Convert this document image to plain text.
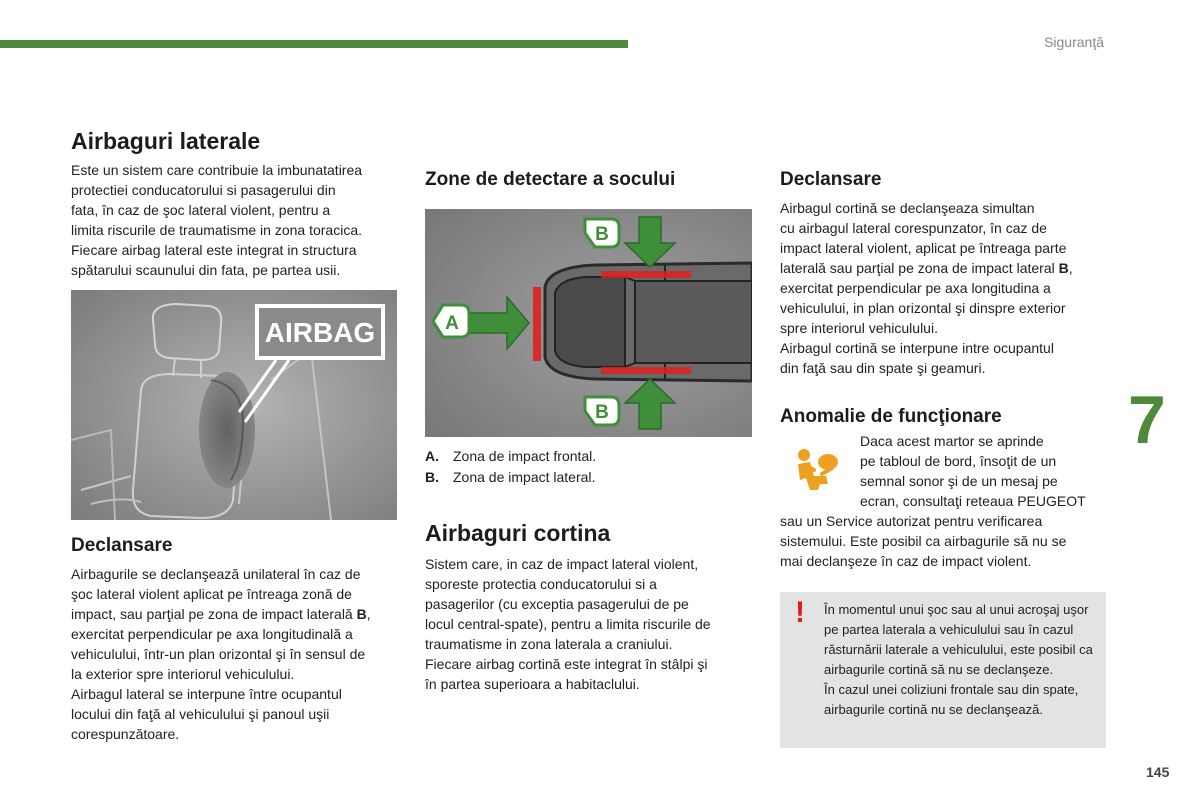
Siguranţă
7
145
Airbaguri laterale
Este un sistem care contribuie la imbunatatirea
protectiei conducatorului si pasagerului din
fata, în caz de şoc lateral violent, pentru a
limita riscurile de traumatisme in zona toracica.
Fiecare airbag lateral este integrat in structura
spătarului scaunului din fata, pe partea usii.
AIRBAG
Declansare
Airbagurile se declanşează unilateral în caz de
şoc lateral violent aplicat pe întreaga zonă de
impact, sau parţial pe zona de impact laterală B,
exercitat perpendicular pe axa longitudinală a
vehiculului, într-un plan orizontal şi în sensul de
la exterior spre interiorul vehiculului.
Airbagul lateral se interpune între ocupantul
locului din faţă al vehiculului şi panoul uşii
corespunzătoare.
Zone de detectare a socului
A
B
B
A. Zona de impact frontal.
B. Zona de impact lateral.
Airbaguri cortina
Sistem care, in caz de impact lateral violent,
sporeste protectia conducatorului si a
pasagerilor (cu exceptia pasagerului de pe
locul central-spate), pentru a limita riscurile de
traumatisme in zona laterala a craniului.
Fiecare airbag cortină este integrat în stâlpi şi
în partea superioara a habitaclului.
Declansare
Airbagul cortină se declanşeaza simultan
cu airbagul lateral corespunzator, în caz de
impact lateral violent, aplicat pe întreaga parte
laterală sau parţial pe zona de impact lateral B,
exercitat perpendicular pe axa longitudina a
vehiculului, in plan orizontal şi dinspre exterior
spre interiorul vehiculului.
Airbagul cortină se interpune intre ocupantul
din faţă sau din spate şi geamuri.
Anomalie de funcţionare
Daca acest martor se aprinde
pe tabloul de bord, însoţit de un
semnal sonor şi de un mesaj pe
ecran, consultaţi reteaua PEUGEOT
sau un Service autorizat pentru verificarea
sistemului. Este posibil ca airbagurile să nu se
mai declanşeze în caz de impact violent.
!	În momentul unui şoc sau al unui acroşaj uşor
pe partea laterala a vehiculului sau în cazul
răsturnării laterale a vehiculului, este posibil ca
airbagurile cortină să nu se declanşeze.
În cazul unei coliziuni frontale sau din spate,
airbagurile cortină nu se declanşează.
